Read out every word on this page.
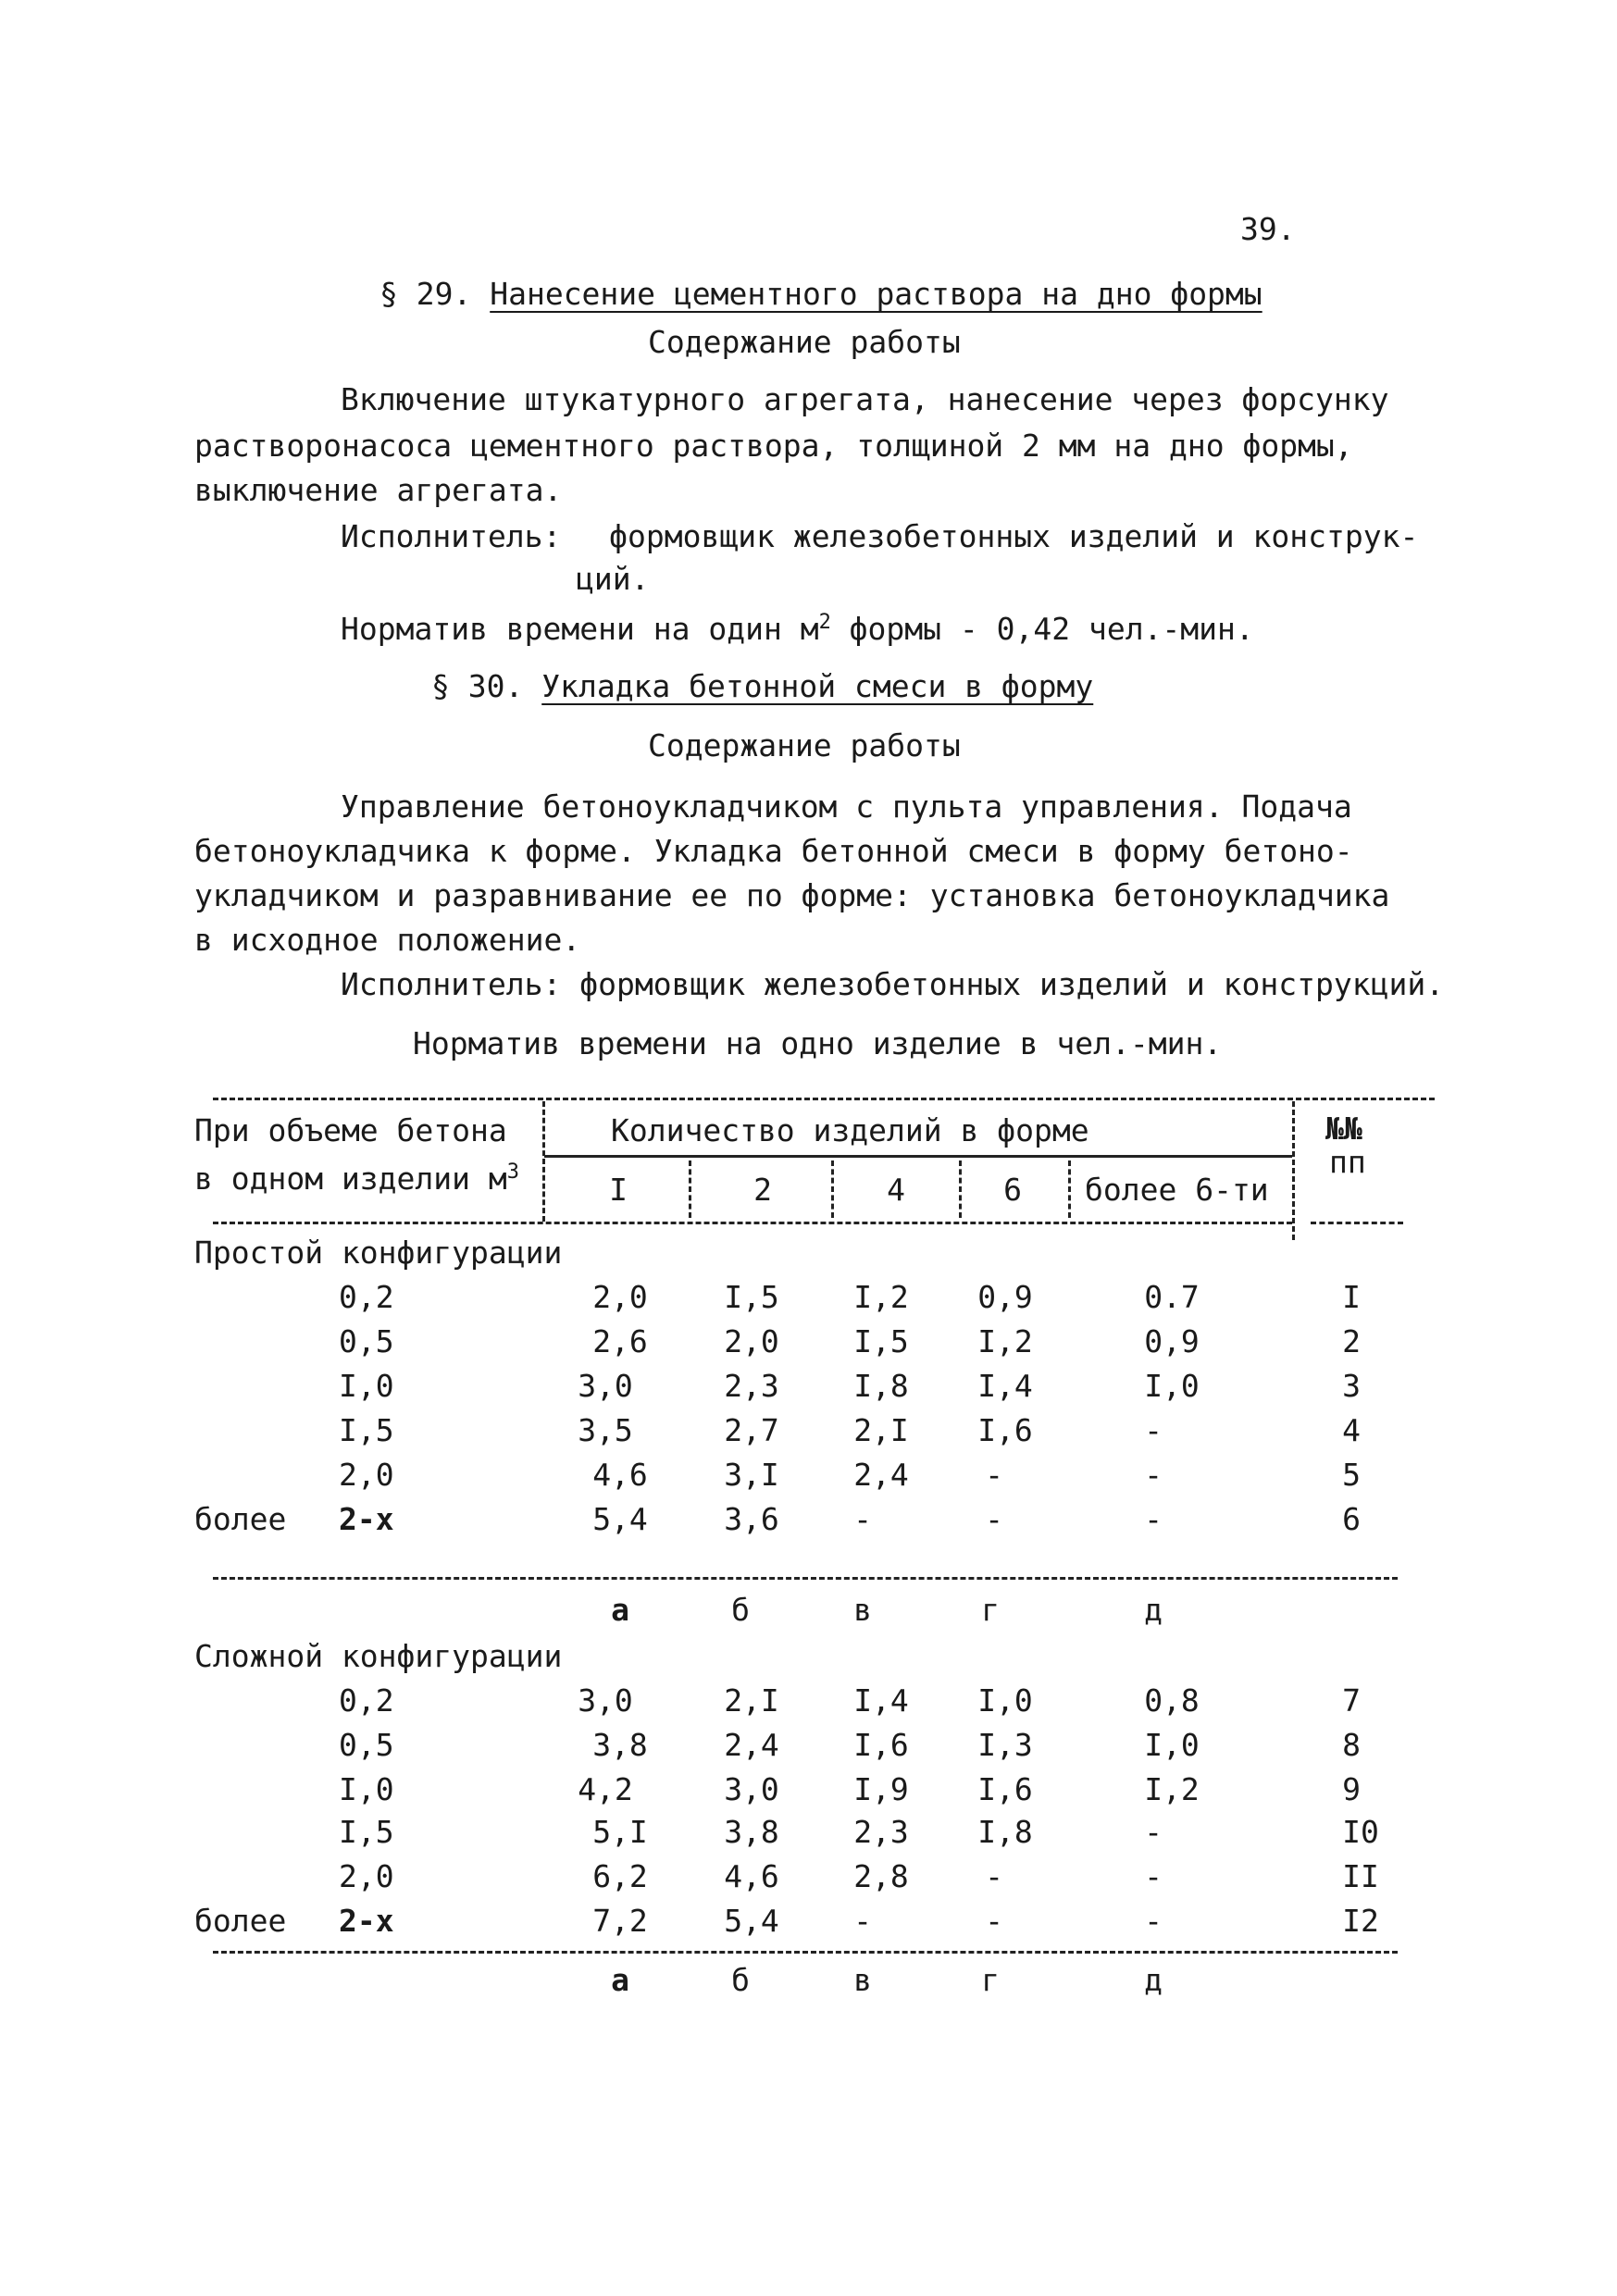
39.
§ 29. Нанесение цементного раствора на дно формы
Содержание работы
Включение штукатурного агрегата, нанесение через форсунку
растворонасоса цементного раствора, толщиной 2 мм на дно формы,
выключение агрегата.
Исполнитель: формовщик железобетонных изделий и конструк-
ций.
Норматив времени на один $м^2$ формы - 0,42 чел.-мин.
§ 30. Укладка бетонной смеси в форму
Содержание работы
Управление бетоноукладчиком с пульта управления. Подача
бетоноукладчика к форме. Укладка бетонной смеси в форму бетоно-
укладчиком и разравнивание ее по форме: установка бетоноукладчика
в исходное положение.
Исполнитель: формовщик железобетонных изделий и конструкций.
Норматив времени на одно изделие в чел.-мин.
При объеме бетона
в одном изделии $м^3$
Количество изделий в форме	№№
пп
I	2	4	6	более 6-ти
Простой конфигурации
0,2	2,0	I,5	I,2	0,9	0.7	I
0,5	2,6	2,0	I,5	I,2	0,9	2
I,0	3,0	2,3	I,8	I,4	I,0	3
I,5	3,5	2,7	2,I	I,6	-	4
2,0	4,6	3,I	2,4	-	-	5
более 2-х	5,4	3,6	-	-	-	6
а	б	в	г	д
Сложной конфигурации
0,2	3,0	2,I	I,4	I,0	0,8	7
0,5	3,8	2,4	I,6	I,3	I,0	8
I,0	4,2	3,0	I,9	I,6	I,2	9
I,5	5,I	3,8	2,3	I,8	-	I0
2,0	6,2	4,6	2,8	-	-	II
более 2-х	7,2	5,4	-	-	-	I2
а	б	в	г	д
